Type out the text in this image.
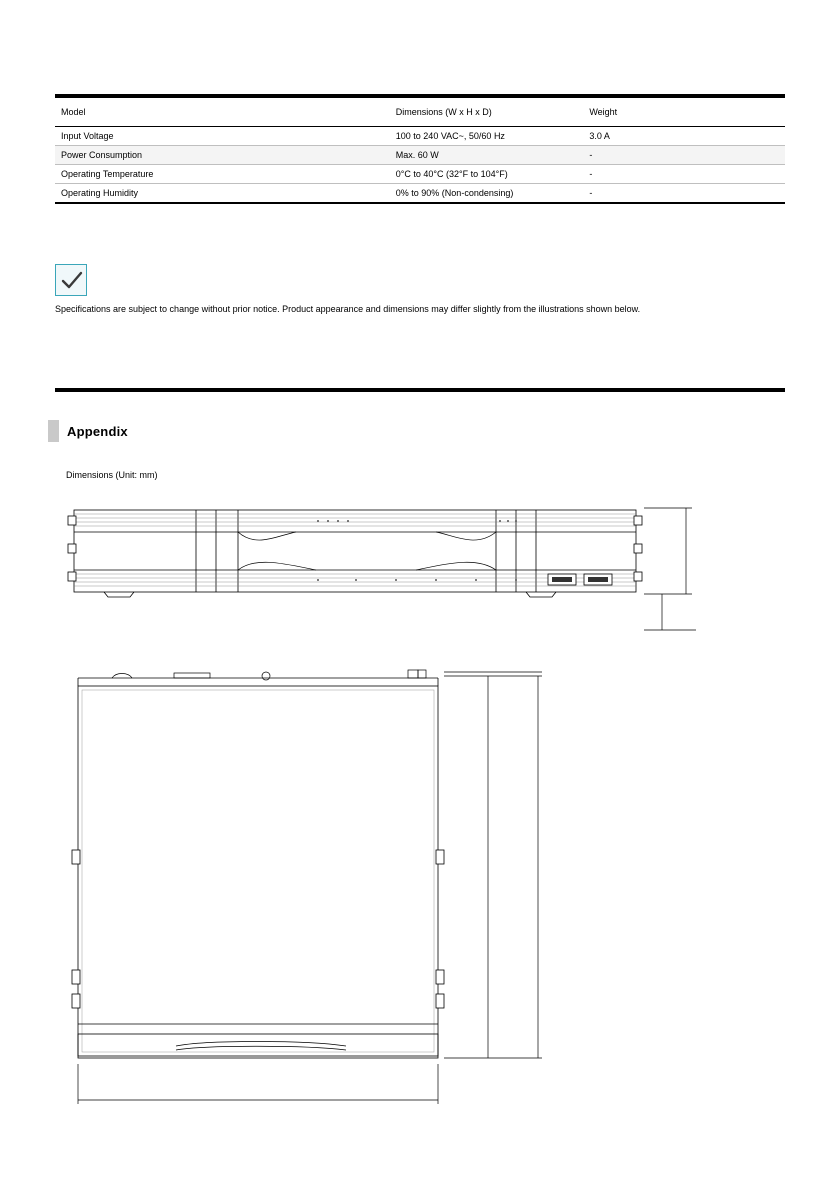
Model	Dimensions (W x H x D)	Weight
Input Voltage	100 to 240 VAC~, 50/60 Hz	3.0 A
Power Consumption	Max. 60 W	-
Operating Temperature	0°C to 40°C (32°F to 104°F)	-
Operating Humidity	0% to 90% (Non-condensing)	-
Specifications are subject to change without prior notice. Product appearance and dimensions may differ slightly from the illustrations shown below.
Appendix
Dimensions (Unit: mm)
